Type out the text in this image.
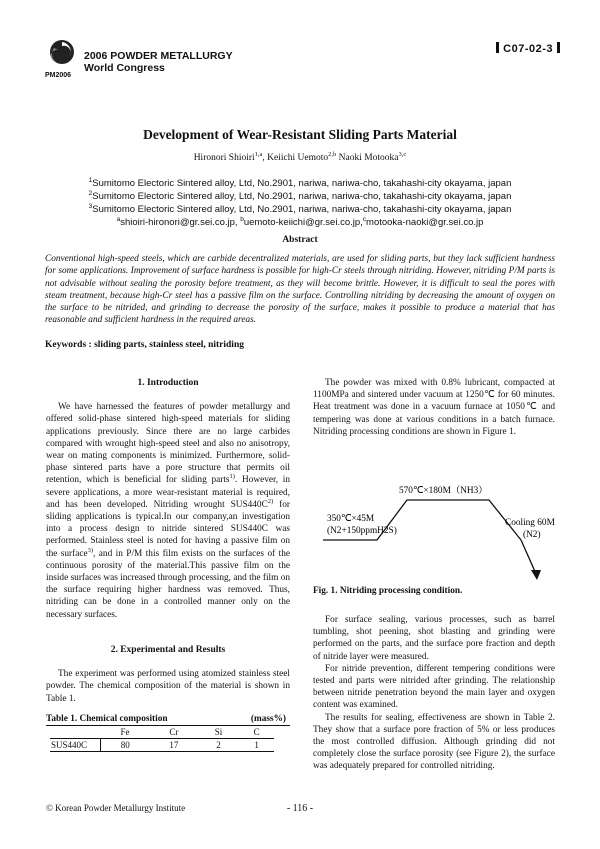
PM2006
2006 POWDER METALLURGY
World Congress
C07-02-3
Development of Wear-Resistant Sliding Parts Material
Hironori Shioiri$^{1,a}$, Keiichi Uemoto$^{2,b}$ Naoki Motooka$^{3,c}$
$^1$Sumitomo Electoric Sintered alloy, Ltd, No.2901, nariwa, nariwa-cho, takahashi-city okayama, japan
$^2$Sumitomo Electoric Sintered alloy, Ltd, No.2901, nariwa, nariwa-cho, takahashi-city okayama, japan
$^3$Sumitomo Electoric Sintered alloy, Ltd, No.2901, nariwa, nariwa-cho, takahashi-city okayama, japan
$^a$shioiri-hironori@gr.sei.co.jp, $^b$uemoto-keiichi@gr.sei.co.jp,$^c$motooka-naoki@gr.sei.co.jp
Abstract
Conventional high-speed steels, which are carbide decentralized materials, are used for sliding parts, but they lack sufficient hardness for some applications. Improvement of surface hardness is possible for high-Cr steels through nitriding. However, nitriding P/M parts is not advisable without sealing the porosity before treatment, as they will become brittle. However, it is difficult to seal the pores with steam treatment, because high-Cr steel has a passive film on the surface. Controlling nitriding by decreasing the amount of oxygen on the surface to be nitrided, and grinding to decrease the porosity of the surface, makes it possible to produce a material that has reasonable and sufficient hardness in the required areas.
Keywords : sliding parts, stainless steel, nitriding
1. Introduction

We have harnessed the features of powder metallurgy and offered solid-phase sintered high-speed materials for sliding applications previously. Since there are no large carbides compared with wrought high-speed steel and also no anisotropy, wear on mating components is minimized. Furthermore, solid-phase sintered parts have a pore structure that permits oil retention, which is beneficial for sliding parts$^{1)}$. However, in severe applications, a more wear-resistant material is required, and has been developed. Nitriding wrought $SUS440C^{2)}$ for sliding applications is typical.In our company,an investigation into a process design to nitride sintered SUS440C was performed. Stainless steel is noted for having a passive film on the surface$^{3)}$, and in P/M this film exists on the surfaces of the continuous porosity of the material.This passive film on the inside surfaces was increased through processing, and the film on the surface requiring higher hardness was removed. Thus, nitriding can be done in a controlled manner only on the necessary surfaces.

2. Experimental and Results

The experiment was performed using atomized stainless steel powder. The chemical composition of the material is shown in Table 1.

Table 1. Chemical composition	(mass%)
	Fe	Cr	Si	C
SUS440C	80	17	2	1

The powder was mixed with 0.8% lubricant, compacted at 1100MPa and sintered under vacuum at 1250℃ for 60 minutes. Heat treatment was done in a vacuum furnace at 1050℃ and tempering was done at various conditions in a batch furnace. Nitriding processing conditions are shown in Figure 1.

570℃×180M（NH3）
350℃×45M
(N2+150ppmH2S)
Cooling 60M
(N2)
Fig. 1. Nitriding processing condition.

For surface sealing, various processes, such as barrel tumbling, shot peening, shot blasting and grinding were performed on the parts, and the surface pore fraction and depth of nitride layer were measured.

For nitride prevention, different tempering conditions were tested and parts were nitrided after grinding. The relationship between nitride penetration beyond the main layer and oxygen content was examined.

The results for sealing, effectiveness are shown in Table 2. They show that a surface pore fraction of 5% or less produces the most controlled diffusion. Although grinding did not completely close the surface porosity (see Figure 2), the surface was adequately prepared for controlled nitriding.

© Korean Powder Metallurgy Institute	- 116 -
